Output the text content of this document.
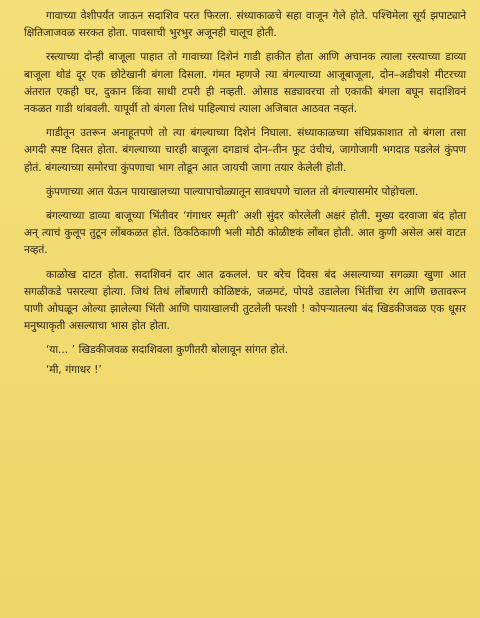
गावाच्या वेशीपर्यंत जाऊन सदाशिव परत फिरला. संध्याकाळचे सहा वाजून गेले होते. पश्चिमेला सूर्य झपाट्याने क्षितिजाजवळ सरकत होता. पावसाची भुरभुर अजूनही चालूच होती.

रस्त्याच्या दोन्ही बाजूला पाहात तो गावाच्या दिशेनं गाडी हाकीत होता आणि अचानक त्याला रस्त्याच्या डाव्या बाजूला थोडं दूर एक छोटेखानी बंगला दिसला. गंमत म्हणजे त्या बंगल्याच्या आजूबाजूला, दोन–अडीचशे मीटरच्या अंतरात एकही घर, दुकान किंवा साधी टपरी ही नव्हती. ओसाड सड्यावरचा तो एकाकी बंगला बघून सदाशिवनं नकळत गाडी थांबवली. यापूर्वी तो बंगला तिथं पाहिल्याचं त्याला अजिबात आठवत नव्हतं.

गाडीतून उतरून अनाहूतपणे तो त्या बंगल्याच्या दिशेनं निघाला. संध्याकाळच्या संधिप्रकाशात तो बंगला तसा अगदी स्पष्ट दिसत होता. बंगल्याच्या चारही बाजूला दगडाचं दोन–तीन फूट उंचीचं, जागोजागी भगदाड पडलेलं कुंपण होतं. बंगल्याच्या समोरचा कुंपणाचा भाग तोडून आत जायची जागा तयार केलेली होती.

कुंपणाच्या आत येऊन पायाखालच्या पाल्यापाचोळ्यातून सावधपणे चालत तो बंगल्यासमोर पोहोचला.

बंगल्याच्या डाव्या बाजूच्या भिंतीवर ‘गंगाधर स्मृती’ अशी सुंदर कोरलेली अक्षरं होती. मुख्य दरवाजा बंद होता अन् त्याचं कुलूप तुटून लोंबकळत होतं. ठिकठिकाणी भली मोठी कोळीष्टकं लोंबत होती. आत कुणी असेल असं वाटत नव्हतं.

काळोख दाटत होता. सदाशिवनं दार आत ढकललं. घर बरेच दिवस बंद असल्याच्या सगळ्या खुणा आत सगळीकडे पसरल्या होत्या. जिथं तिथं लोंबणारी कोळिष्टकं, जळमटं, पोपडे उडालेला भिंतींचा रंग आणि छतावरून पाणी ओघळून ओल्या झालेल्या भिंती आणि पायाखालची तुटलेली फरशी ! कोपऱ्यातल्या बंद खिडकीजवळ एक धूसर मनुष्याकृती असल्याचा भास होत होता.

‘या... ’ खिडकीजवळ सदाशिवला कुणीतरी बोलावून सांगत होतं.

‘मी, गंगाधर !’
